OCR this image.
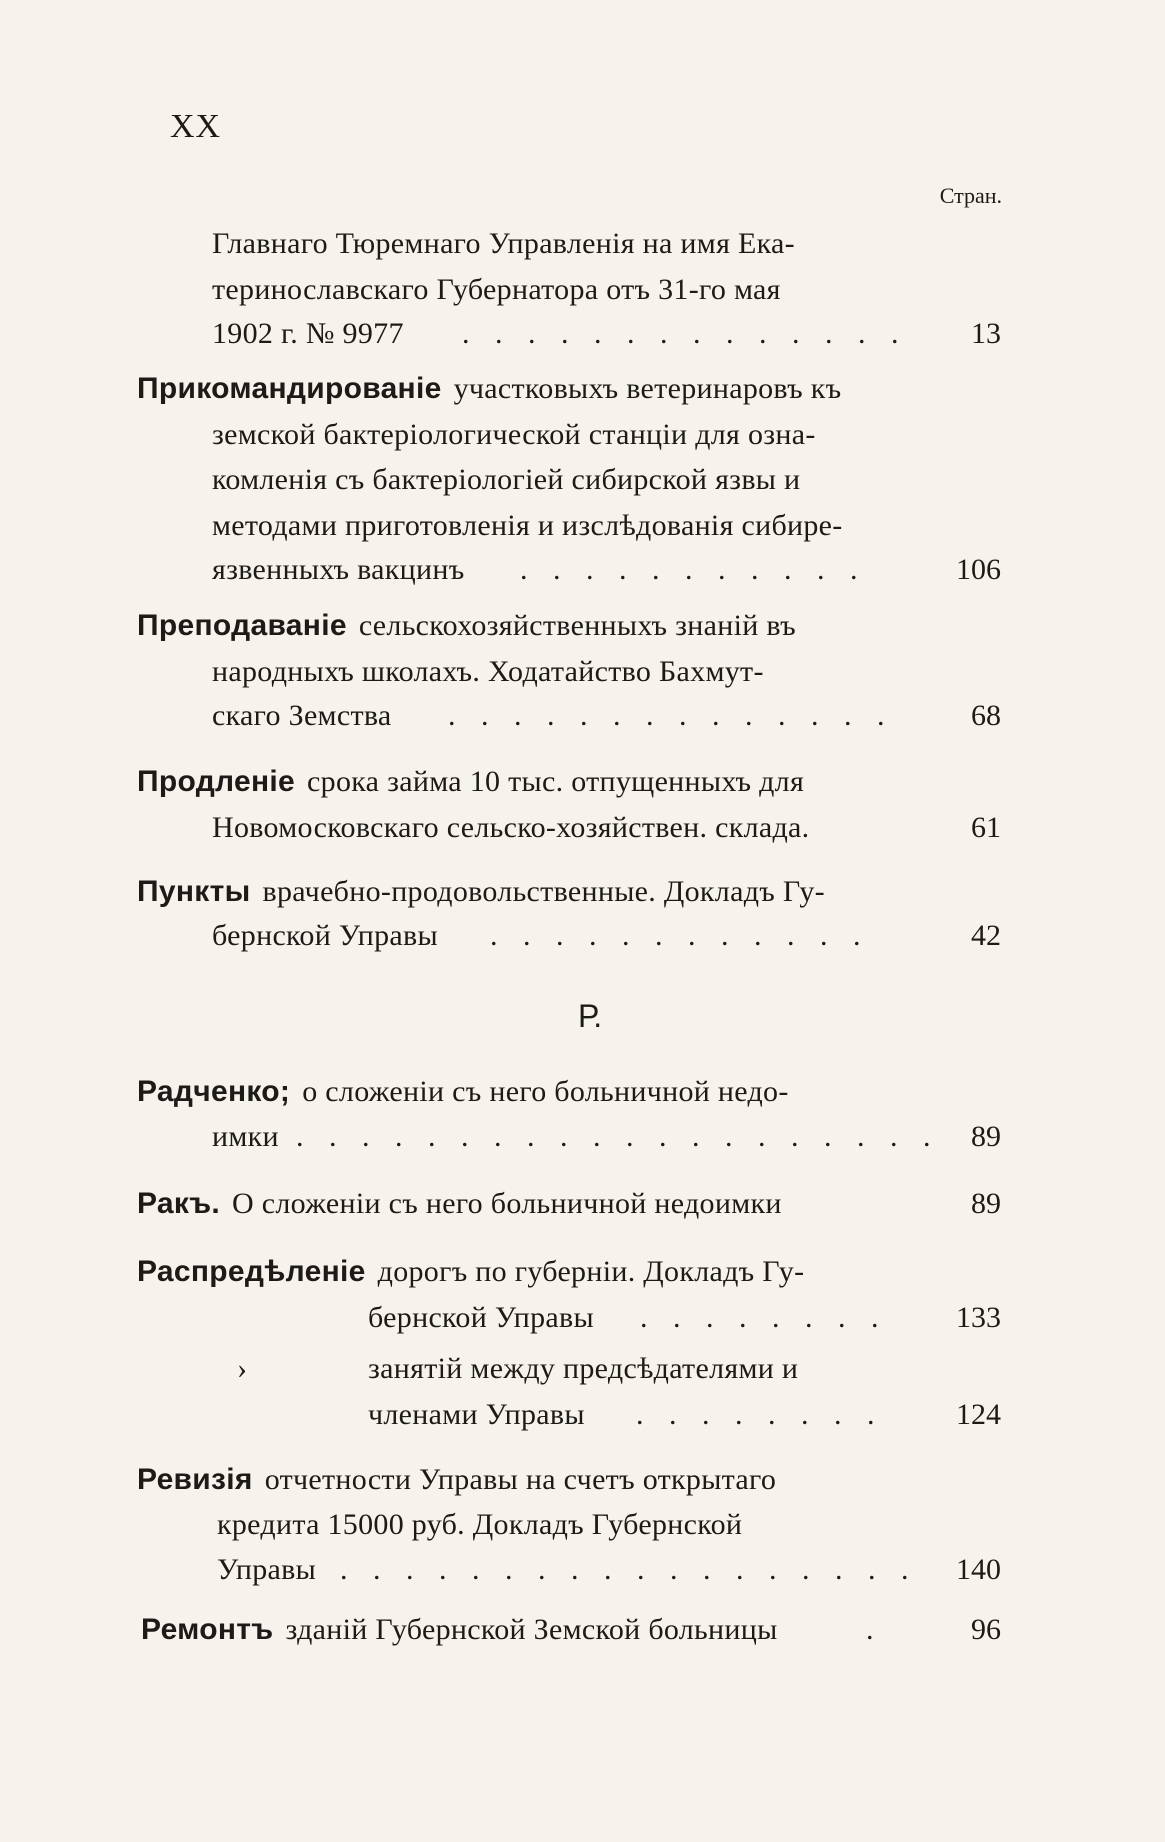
XX
Стран.
Главнаго Тюремнаго Управленія на имя Ека-
теринославскаго Губернатора отъ 31-го мая
1902 г. № 9977 . . . . . . . . . . . . . . 13
Прикомандированіе участковыхъ ветеринаровъ къ
земской бактеріологической станціи для озна-
комленія съ бактеріологіей сибирской язвы и
методами приготовленія и изслѣдованія сибире-
язвенныхъ вакцинъ . . . . . . . . . . .	106
Преподаваніе сельскохозяйственныхъ знаній въ
народныхъ школахъ. Ходатайство Бахмут-
скаго Земства . . . . . . . . . . . . . .	68
Продленіе срока займа 10 тыс. отпущенныхъ для
Новомосковскаго сельско-хозяйствен. склада.	61
Пункты врачебно-продовольственные. Докладъ Гу-
бернской Управы . . . . . . . . . . . .	42
Р.
Радченко; о сложеніи съ него больничной недо-
имки . . . . . . . . . . . . . . . . . . . . 89
Ракъ. О сложеніи съ него больничной недоимки	89
Распредѣленіе дорогъ по губерніи. Докладъ Гу-
бернской Управы . . . . . . . . 133
›	занятій между предсѣдателями и
членами Управы . . . . . . . . 124
Ревизія отчетности Управы на счетъ открытаго
кредита 15000 руб. Докладъ Губернской
Управы . . . . . . . . . . . . . . . . . . 140
Ремонтъ зданій Губернской Земской больницы	.	96
